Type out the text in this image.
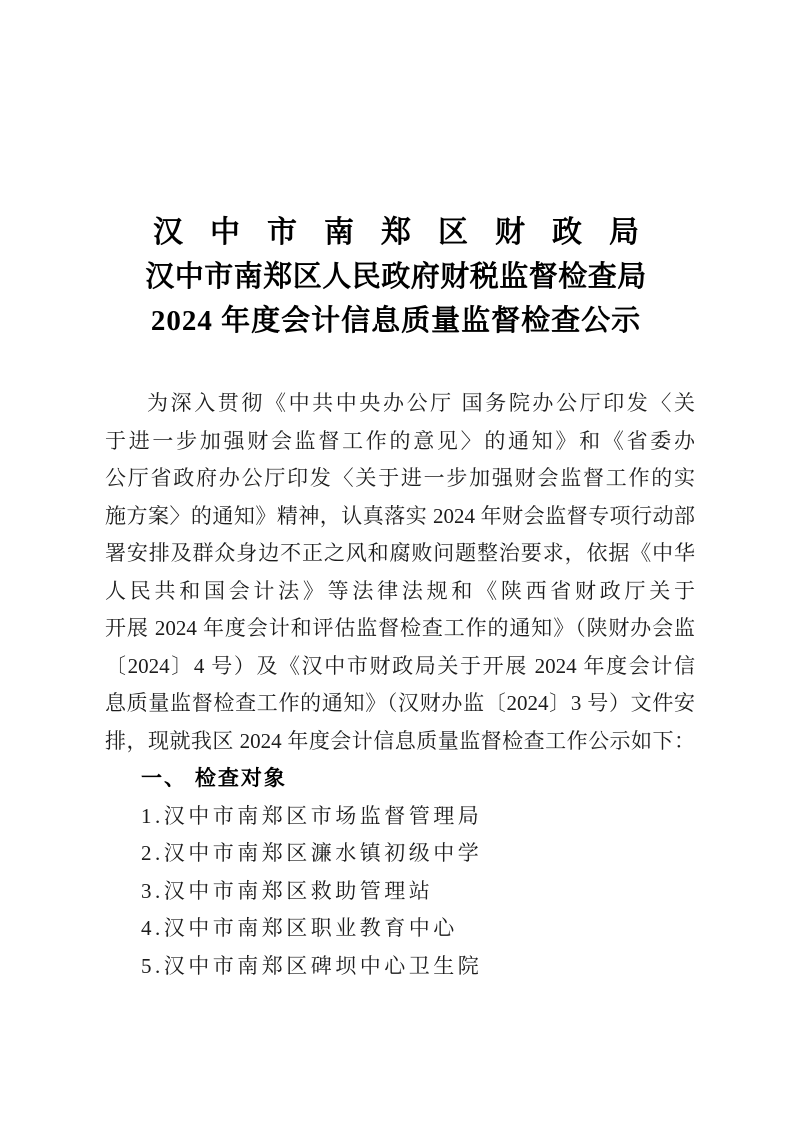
汉中市南郑区财政局
汉中市南郑区人民政府财税监督检查局
2024 年度会计信息质量监督检查公示
为深入贯彻《中共中央办公厅 国务院办公厅印发〈关
于进一步加强财会监督工作的意见〉的通知》和《省委办
公厅省政府办公厅印发〈关于进一步加强财会监督工作的实
施方案〉的通知》精神，认真落实 2024 年财会监督专项行动部
署安排及群众身边不正之风和腐败问题整治要求，依据《中华
人民共和国会计法》等法律法规和《陕西省财政厅关于
开展 2024 年度会计和评估监督检查工作的通知》（陕财办会监
〔2024〕4 号）及《汉中市财政局关于开展 2024 年度会计信
息质量监督检查工作的通知》（汉财办监〔2024〕3 号）文件安
排，现就我区 2024 年度会计信息质量监督检查工作公示如下：
一、 检查对象
1.汉中市南郑区市场监督管理局
2.汉中市南郑区濂水镇初级中学
3.汉中市南郑区救助管理站
4.汉中市南郑区职业教育中心
5.汉中市南郑区碑坝中心卫生院
